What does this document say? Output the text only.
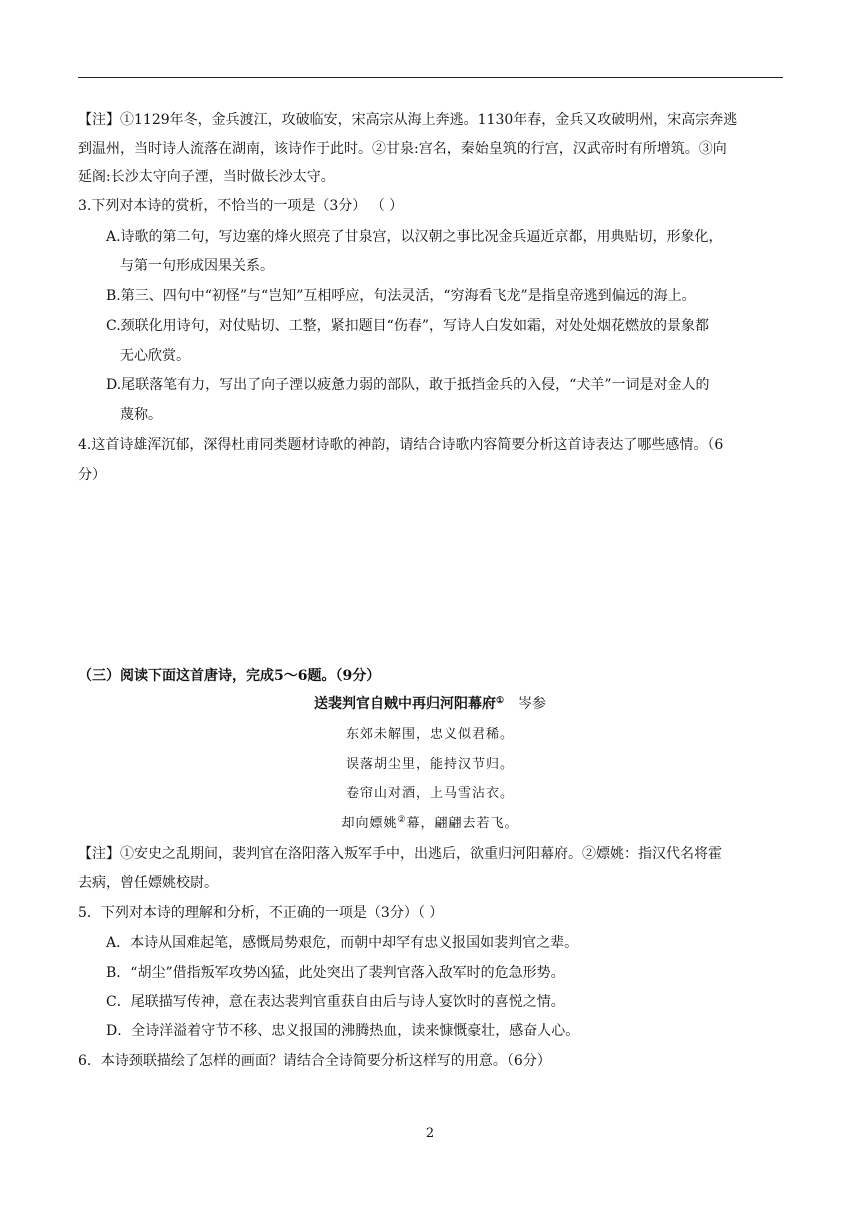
【注】①1129年冬，金兵渡江，攻破临安，宋高宗从海上奔逃。1130年春，金兵又攻破明州，宋高宗奔逃
到温州，当时诗人流落在湖南，该诗作于此时。②甘泉:宫名，秦始皇筑的行宫，汉武帝时有所增筑。③向
延阁:长沙太守向子湮，当时做长沙太守。
3.下列对本诗的赏析，不恰当的一项是（3分） （ ）
A.诗歌的第二句，写边塞的烽火照亮了甘泉宫，以汉朝之事比况金兵逼近京都，用典贴切，形象化，
与第一句形成因果关系。
B.第三、四句中“初怪”与“岂知”互相呼应，句法灵活，“穷海看飞龙”是指皇帝逃到偏远的海上。
C.颈联化用诗句，对仗贴切、工整，紧扣题目“伤春”，写诗人白发如霜，对处处烟花燃放的景象都
无心欣赏。
D.尾联落笔有力，写出了向子湮以疲惫力弱的部队，敢于抵挡金兵的入侵，“犬羊”一词是对金人的
蔑称。
4.这首诗雄浑沉郁，深得杜甫同类题材诗歌的神韵，请结合诗歌内容简要分析这首诗表达了哪些感情。（6
分）
（三）阅读下面这首唐诗，完成5～6题。（9分）
送裴判官自贼中再归河阳幕府① 岑参
东郊未解围，忠义似君稀。
误落胡尘里，能持汉节归。
卷帘山对酒，上马雪沾衣。
却向嫖姚②幕，翩翩去若飞。
【注】①安史之乱期间，裴判官在洛阳落入叛军手中，出逃后，欲重归河阳幕府。②嫖姚：指汉代名将霍
去病，曾任嫖姚校尉。
5．下列对本诗的理解和分析，不正确的一项是（3分）（ ）
A．本诗从国难起笔，感慨局势艰危，而朝中却罕有忠义报国如裴判官之辈。
B．“胡尘”借指叛军攻势凶猛，此处突出了裴判官落入敌军时的危急形势。
C．尾联描写传神，意在表达裴判官重获自由后与诗人宴饮时的喜悦之情。
D．全诗洋溢着守节不移、忠义报国的沸腾热血，读来慷慨豪壮，感奋人心。
6．本诗颈联描绘了怎样的画面？请结合全诗简要分析这样写的用意。（6分）
2
